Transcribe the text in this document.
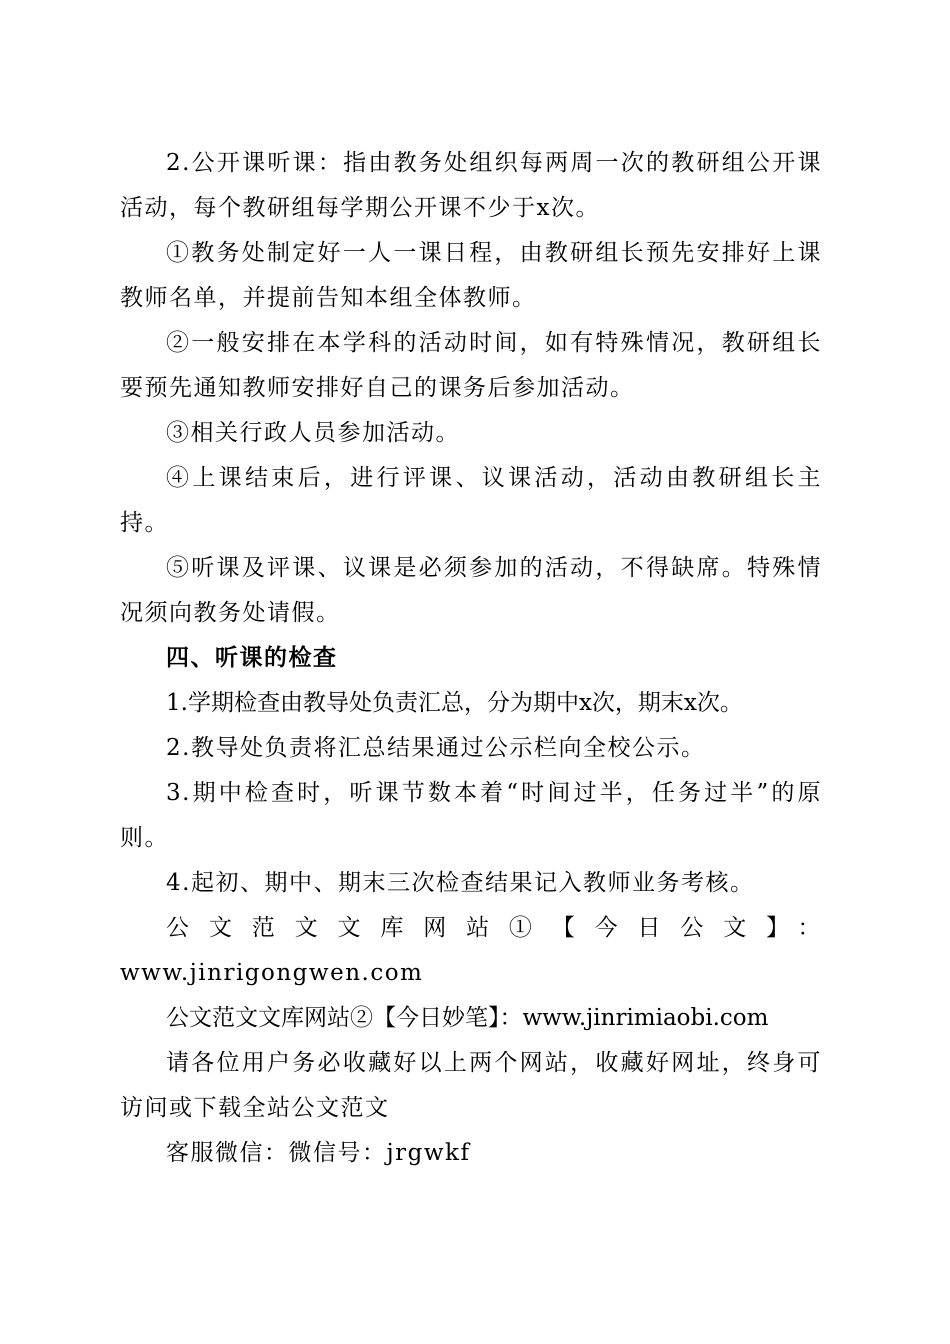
2.公开课听课：指由教务处组织每两周一次的教研组公开课活动，每个教研组每学期公开课不少于x次。

①教务处制定好一人一课日程，由教研组长预先安排好上课教师名单，并提前告知本组全体教师。

②一般安排在本学科的活动时间，如有特殊情况，教研组长要预先通知教师安排好自己的课务后参加活动。

③相关行政人员参加活动。

④上课结束后，进行评课、议课活动，活动由教研组长主持。

⑤听课及评课、议课是必须参加的活动，不得缺席。特殊情况须向教务处请假。

四、听课的检查

1.学期检查由教导处负责汇总，分为期中x次，期末x次。

2.教导处负责将汇总结果通过公示栏向全校公示。

3.期中检查时，听课节数本着“时间过半，任务过半”的原则。

4.起初、期中、期末三次检查结果记入教师业务考核。

公文范文文库网站①【今日公文】：

www.jinrigongwen.com

公文范文文库网站②【今日妙笔】：www.jinrimiaobi.com

请各位用户务必收藏好以上两个网站，收藏好网址，终身可访问或下载全站公文范文

客服微信：微信号：jrgwkf
